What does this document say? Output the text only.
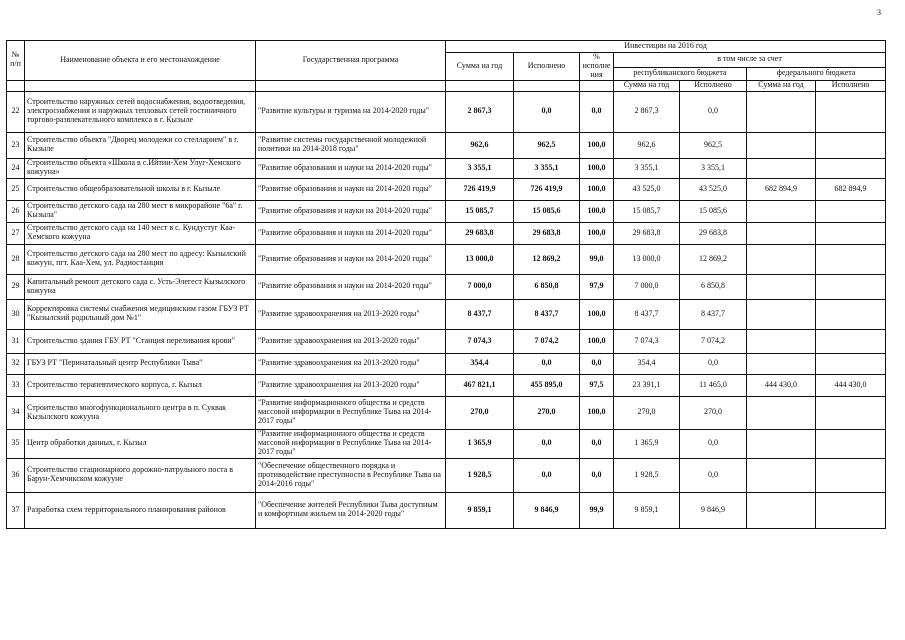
3
№ п/п	Наименование объекта и его местонахождение	Государственная программа	Инвестиции на 2016 год						
			Сумма на год	Исполнено	% исполне ния	в том числе за счет			
						республиканского бюджета		федерального бюджета	
						Сумма на год	Исполнено	Сумма на год	Исполнено
22	Строительство наружных сетей водоснабжения, водоотведения, электроснабжения и наружных тепловых сетей гостиничного торгово-развлекательного комплекса в г. Кызыле	"Развитие культуры и туризма на 2014-2020 годы"	2 867,3	0,0	0,0	2 867,3	0,0		
23	Строительство объекта "Дворец молодежи со стелларием" в г. Кызыле	"Развитие системы государственной молодежной политики на 2014-2018 годы"	962,6	962,5	100,0	962,6	962,5		
24	Строительство объекта «Школа в с.Ийтии-Хем Улуг-Хемского кожууна»	"Развитие образования и науки на 2014-2020 годы"	3 355,1	3 355,1	100,0	3 355,1	3 355,1		
25	Строительство общеобразовательной школы в г. Кызыле	"Развитие образования и науки на 2014-2020 годы"	726 419,9	726 419,9	100,0	43 525,0	43 525,0	682 894,9	682 894,9
26	Строительство детского сада на 280 мест в микрорайоне "6а" г. Кызыла"	"Развитие образования и науки на 2014-2020 годы"	15 085,7	15 085,6	100,0	15 085,7	15 085,6		
27	Строительство детского сада на 140 мест в с. Кундустуг Каа-Хемского кожууна	"Развитие образования и науки на 2014-2020 годы"	29 683,8	29 683,8	100,0	29 683,8	29 683,8		
28	Строительство детского сада на 280 мест по адресу: Кызылский кожуун, пгт. Каа-Хем, ул. Радиостанция	"Развитие образования и науки на 2014-2020 годы"	13 000,0	12 869,2	99,0	13 000,0	12 869,2		
29	Капитальный ремонт детского сада с. Усть-Элегест Кызылского кожууна	"Развитие образования и науки на 2014-2020 годы"	7 000,0	6 850,8	97,9	7 000,0	6 850,8		
30	Корректировка системы снабжения медицинским газом ГБУЗ РТ "Кызылский родильный дом №1"	"Развитие здравоохранения на 2013-2020 годы"	8 437,7	8 437,7	100,0	8 437,7	8 437,7		
31	Строительство здания ГБУ РТ "Станция переливания крови"	"Развитие здравоохранения на 2013-2020 годы"	7 074,3	7 074,2	100,0	7 074,3	7 074,2		
32	ГБУЗ РТ "Перинатальный центр Республики Тыва"	"Развитие здравоохранения на 2013-2020 годы"	354,4	0,0	0,0	354,4	0,0		
33	Строительство терапевтического корпуса, г. Кызыл	"Развитие здравоохранения на 2013-2020 годы"	467 821,1	455 895,0	97,5	23 391,1	11 465,0	444 430,0	444 430,0
34	Строительство многофункционального центра в п. Суквак Кызылского кожууна	"Развитие информационного общества и средств массовой информации в Республике Тыва на 2014-2017 годы"	270,0	270,0	100,0	270,0	270,0		
35	Центр обработки данных, г. Кызыл	"Развитие информационного общества и средств массовой информации в Республике Тыва на 2014-2017 годы"	1 365,9	0,0	0,0	1 365,9	0,0		
36	Строительство стационарного дорожно-патрульного поста в Барун-Хемчикском кожууне	"Обеспечение общественного порядка и противодействие преступности в Республике Тыва на 2014-2016 годы"	1 928,5	0,0	0,0	1 928,5	0,0		
37	Разработка схем территориального планирования районов	"Обеспечение жителей Республики Тыва доступным и комфортным жильем на 2014-2020 годы"	9 859,1	9 846,9	99,9	9 859,1	9 846,9		
